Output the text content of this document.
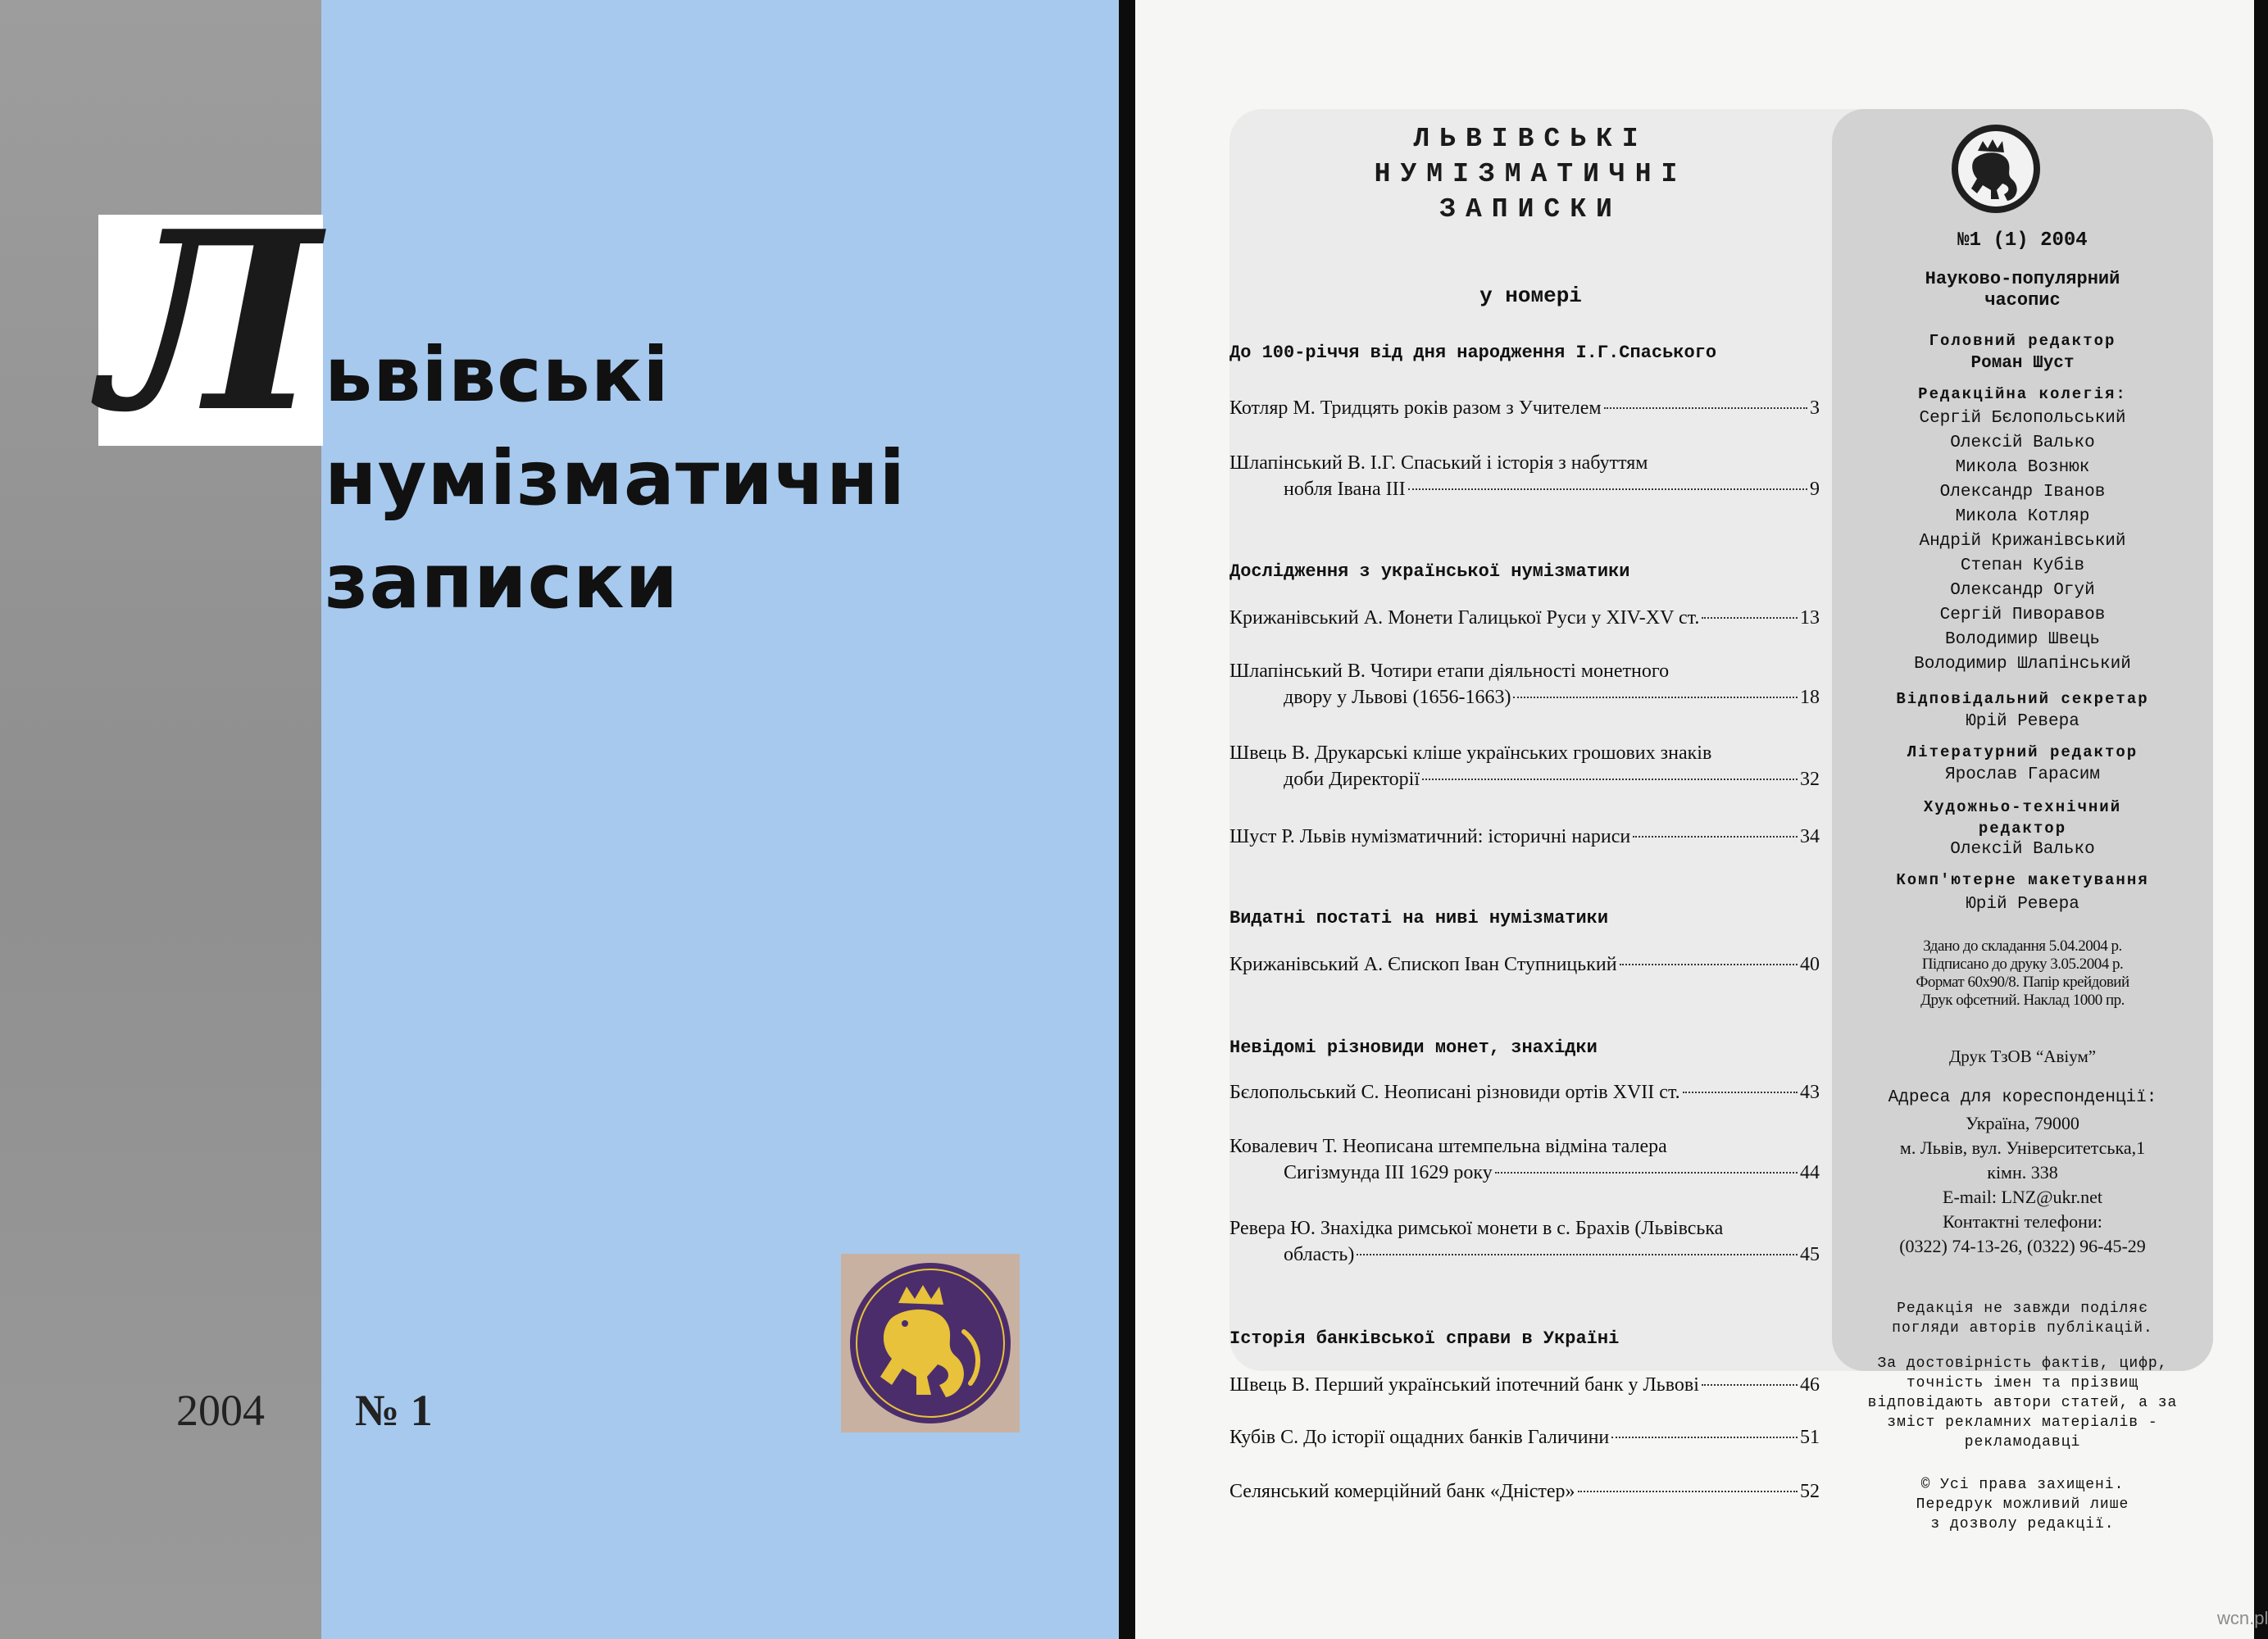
Л ьвівські
нумізматичні
записки
2004 № 1
ЛЬВІВСЬКІ
НУМІЗМАТИЧНІ
ЗАПИСКИ
у номері
До 100-річчя від дня народження І.Г.Спаського
Котляр М. Тридцять років разом з Учителем	3
Шлапінський В. І.Г. Спаський і історія з набуттям
нобля Івана ІІІ	9
Дослідження з української нумізматики
Крижанівський А. Монети Галицької Руси у XIV-XV ст.	13
Шлапінський В. Чотири етапи діяльності монетного
двору у Львові (1656-1663)	18
Швець В. Друкарські кліше українських грошових знаків
доби Директорії	32
Шуст Р. Львів нумізматичний: історичні нариси	34
Видатні постаті на ниві нумізматики
Крижанівський А. Єпископ Іван Ступницький	40
Невідомі різновиди монет, знахідки
Бєлопольський С. Неописані різновиди ортів XVII ст.	43
Ковалевич Т. Неописана штемпельна відміна талера
Сигізмунда ІІІ 1629 року	44
Ревера Ю. Знахідка римської монети в с. Брахів (Львівська
область)	45
Історія банківської справи в Україні
Швець В. Перший український іпотечний банк у Львові	46
Кубів С. До історії ощадних банків Галичини	51
Селянський комерційний банк «Дністер»	52
№1 (1) 2004
Науково-популярний
часопис
Головний редактор
Роман Шуст
Редакційна колегія:
Сергій Бєлопольський
Олексій Валько
Микола Вознюк
Олександр Іванов
Микола Котляр
Андрій Крижанівський
Степан Кубів
Олександр Огуй
Сергій Пиворавов
Володимир Швець
Володимир Шлапінський
Відповідальний секретар
Юрій Ревера
Літературний редактор
Ярослав Гарасим
Художньо-технічний
редактор
Олексій Валько
Комп'ютерне макетування
Юрій Ревера
Здано до складання 5.04.2004 р.
Підписано до друку 3.05.2004 р.
Формат 60x90/8. Папір крейдовий
Друк офсетний. Наклад 1000 пр.
Друк ТзОВ “Авіум”
Адреса для кореспонденції:
Україна, 79000
м. Львів, вул. Університетська,1
кімн. 338
E-mail: LNZ@ukr.net
Контактні телефони:
(0322) 74-13-26, (0322) 96-45-29
Редакція не завжди поділяє
погляди авторів публікацій.
За достовірність фактів, цифр,
точність імен та прізвищ
відповідають автори статей, а за
зміст рекламних матеріалів -
рекламодавці
© Усі права захищені.
Передрук можливий лише
з дозволу редакції.
wcn.pl
